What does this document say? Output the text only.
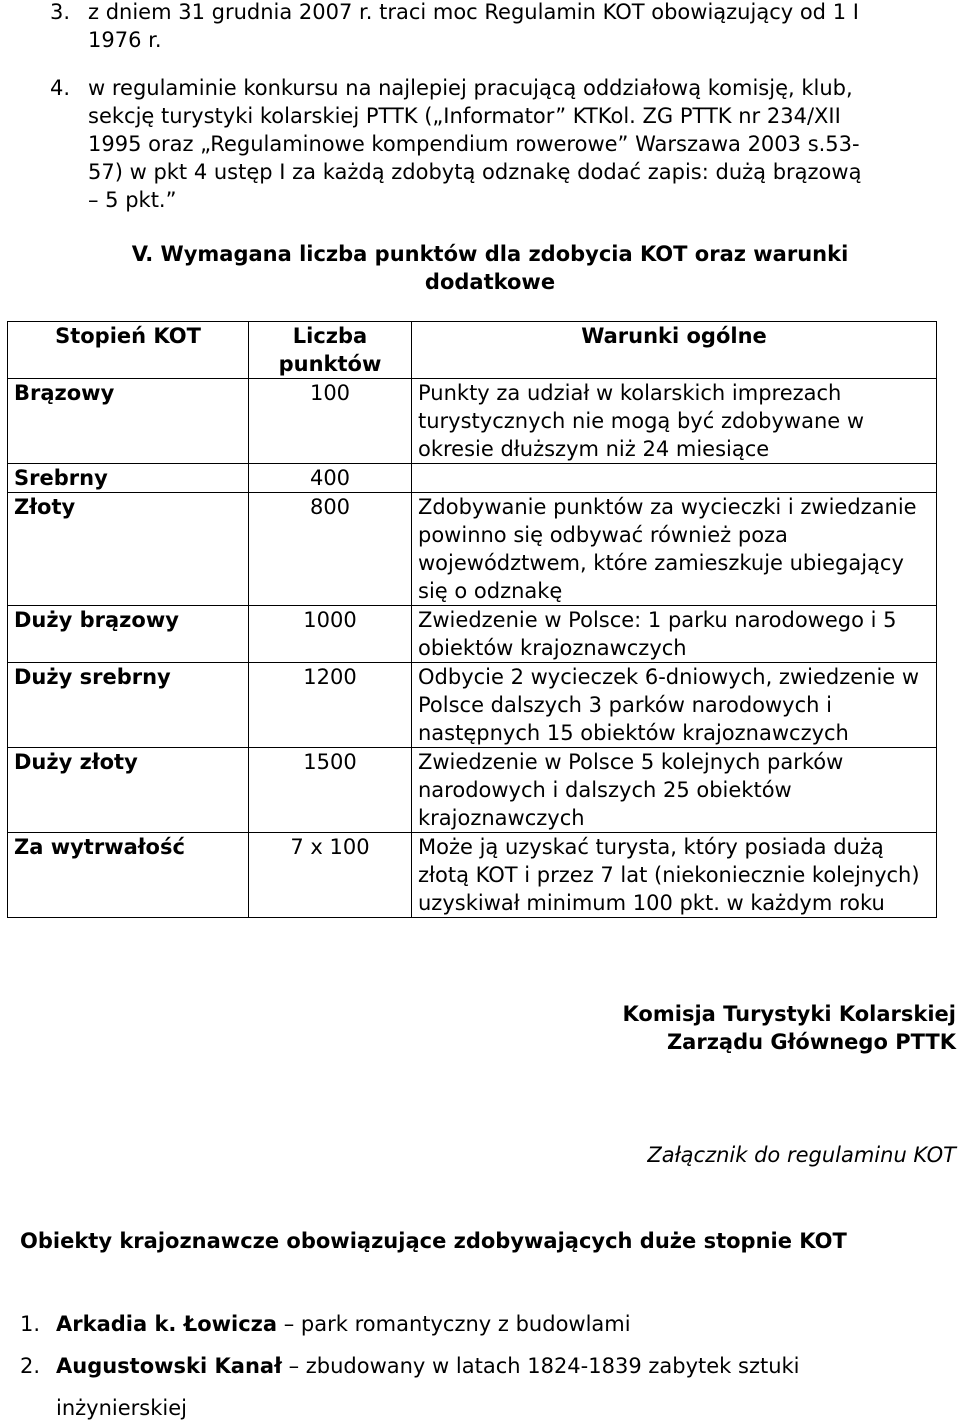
3. z dniem 31 grudnia 2007 r. traci moc Regulamin KOT obowiązujący od 1 I
1976 r.
4. w regulaminie konkursu na najlepiej pracującą oddziałową komisję, klub,
sekcję turystyki kolarskiej PTTK („Informator” KTKol. ZG PTTK nr 234/XII
1995 oraz „Regulaminowe kompendium rowerowe” Warszawa 2003 s.53-
57) w pkt 4 ustęp I za każdą zdobytą odznakę dodać zapis: dużą brązową
– 5 pkt.”
V. Wymagana liczba punktów dla zdobycia KOT oraz warunki
dodatkowe
Stopień KOT	Liczba punktów	Warunki ogólne
Brązowy	100	Punkty za udział w kolarskich imprezach turystycznych nie mogą być zdobywane w okresie dłuższym niż 24 miesiące
Srebrny	400	
Złoty	800	Zdobywanie punktów za wycieczki i zwiedzanie powinno się odbywać również poza województwem, które zamieszkuje ubiegający się o odznakę
Duży brązowy	1000	Zwiedzenie w Polsce: 1 parku narodowego i 5 obiektów krajoznawczych
Duży srebrny	1200	Odbycie 2 wycieczek 6-dniowych, zwiedzenie w Polsce dalszych 3 parków narodowych i następnych 15 obiektów krajoznawczych
Duży złoty	1500	Zwiedzenie w Polsce 5 kolejnych parków narodowych i dalszych 25 obiektów krajoznawczych
Za wytrwałość	7 x 100	Może ją uzyskać turysta, który posiada dużą złotą KOT i przez 7 lat (niekoniecznie kolejnych) uzyskiwał minimum 100 pkt. w każdym roku
Komisja Turystyki Kolarskiej
Zarządu Głównego PTTK
Załącznik do regulaminu KOT
Obiekty krajoznawcze obowiązujące zdobywających duże stopnie KOT
1. Arkadia k. Łowicza – park romantyczny z budowlami
2. Augustowski Kanał – zbudowany w latach 1824-1839 zabytek sztuki
inżynierskiej
